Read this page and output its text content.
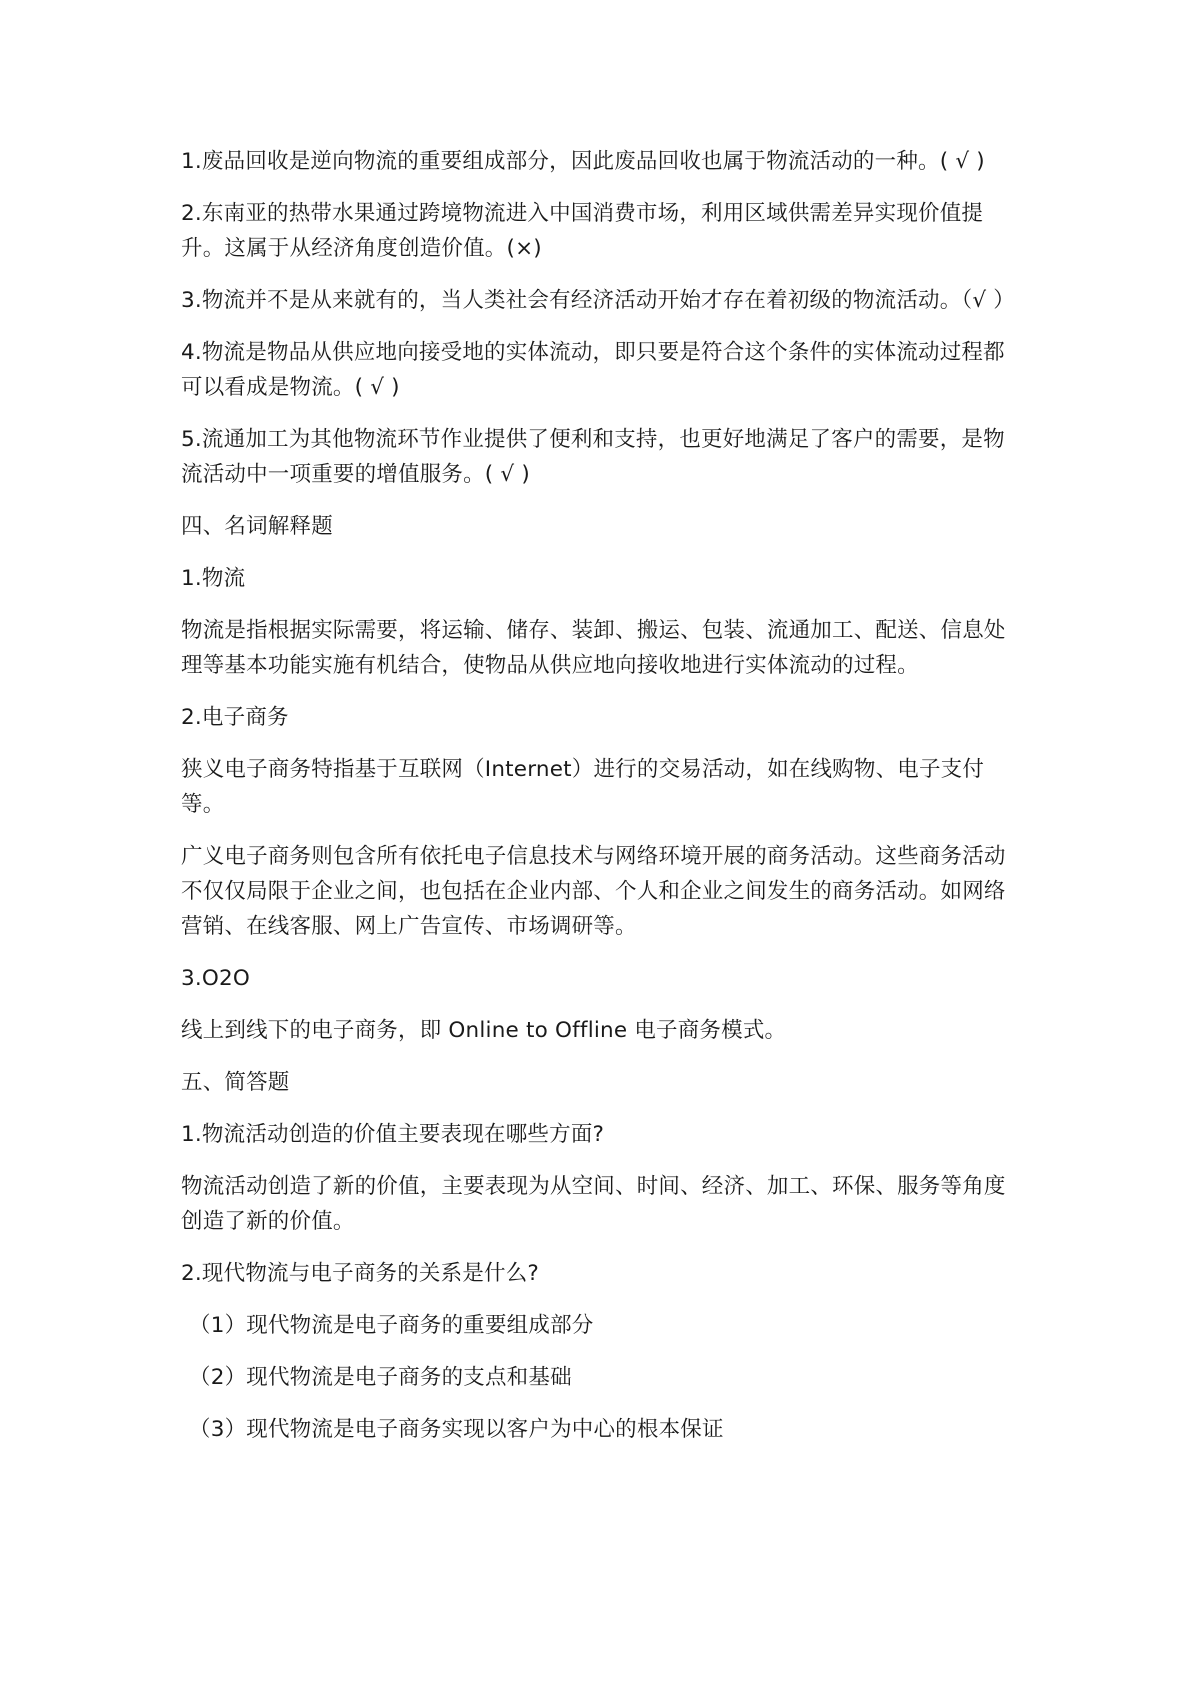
1.废品回收是逆向物流的重要组成部分，因此废品回收也属于物流活动的一种。( √ )

2.东南亚的热带水果通过跨境物流进入中国消费市场，利用区域供需差异实现价值提升。这属于从经济角度创造价值。(×)

3.物流并不是从来就有的，当人类社会有经济活动开始才存在着初级的物流活动。（√ ）

4.物流是物品从供应地向接受地的实体流动，即只要是符合这个条件的实体流动过程都可以看成是物流。( √ )

5.流通加工为其他物流环节作业提供了便利和支持，也更好地满足了客户的需要，是物流活动中一项重要的增值服务。( √ )

四、名词解释题

1.物流

物流是指根据实际需要，将运输、储存、装卸、搬运、包装、流通加工、配送、信息处理等基本功能实施有机结合，使物品从供应地向接收地进行实体流动的过程。

2.电子商务

狭义电子商务特指基于互联网（Internet）进行的交易活动，如在线购物、电子支付等。

广义电子商务则包含所有依托电子信息技术与网络环境开展的商务活动。这些商务活动不仅仅局限于企业之间，也包括在企业内部、个人和企业之间发生的商务活动。如网络营销、在线客服、网上广告宣传、市场调研等。

3.O2O

线上到线下的电子商务，即 Online to Offline 电子商务模式。

五、简答题

1.物流活动创造的价值主要表现在哪些方面?

物流活动创造了新的价值，主要表现为从空间、时间、经济、加工、环保、服务等角度创造了新的价值。

2.现代物流与电子商务的关系是什么?

（1）现代物流是电子商务的重要组成部分

（2）现代物流是电子商务的支点和基础

（3）现代物流是电子商务实现以客户为中心的根本保证
